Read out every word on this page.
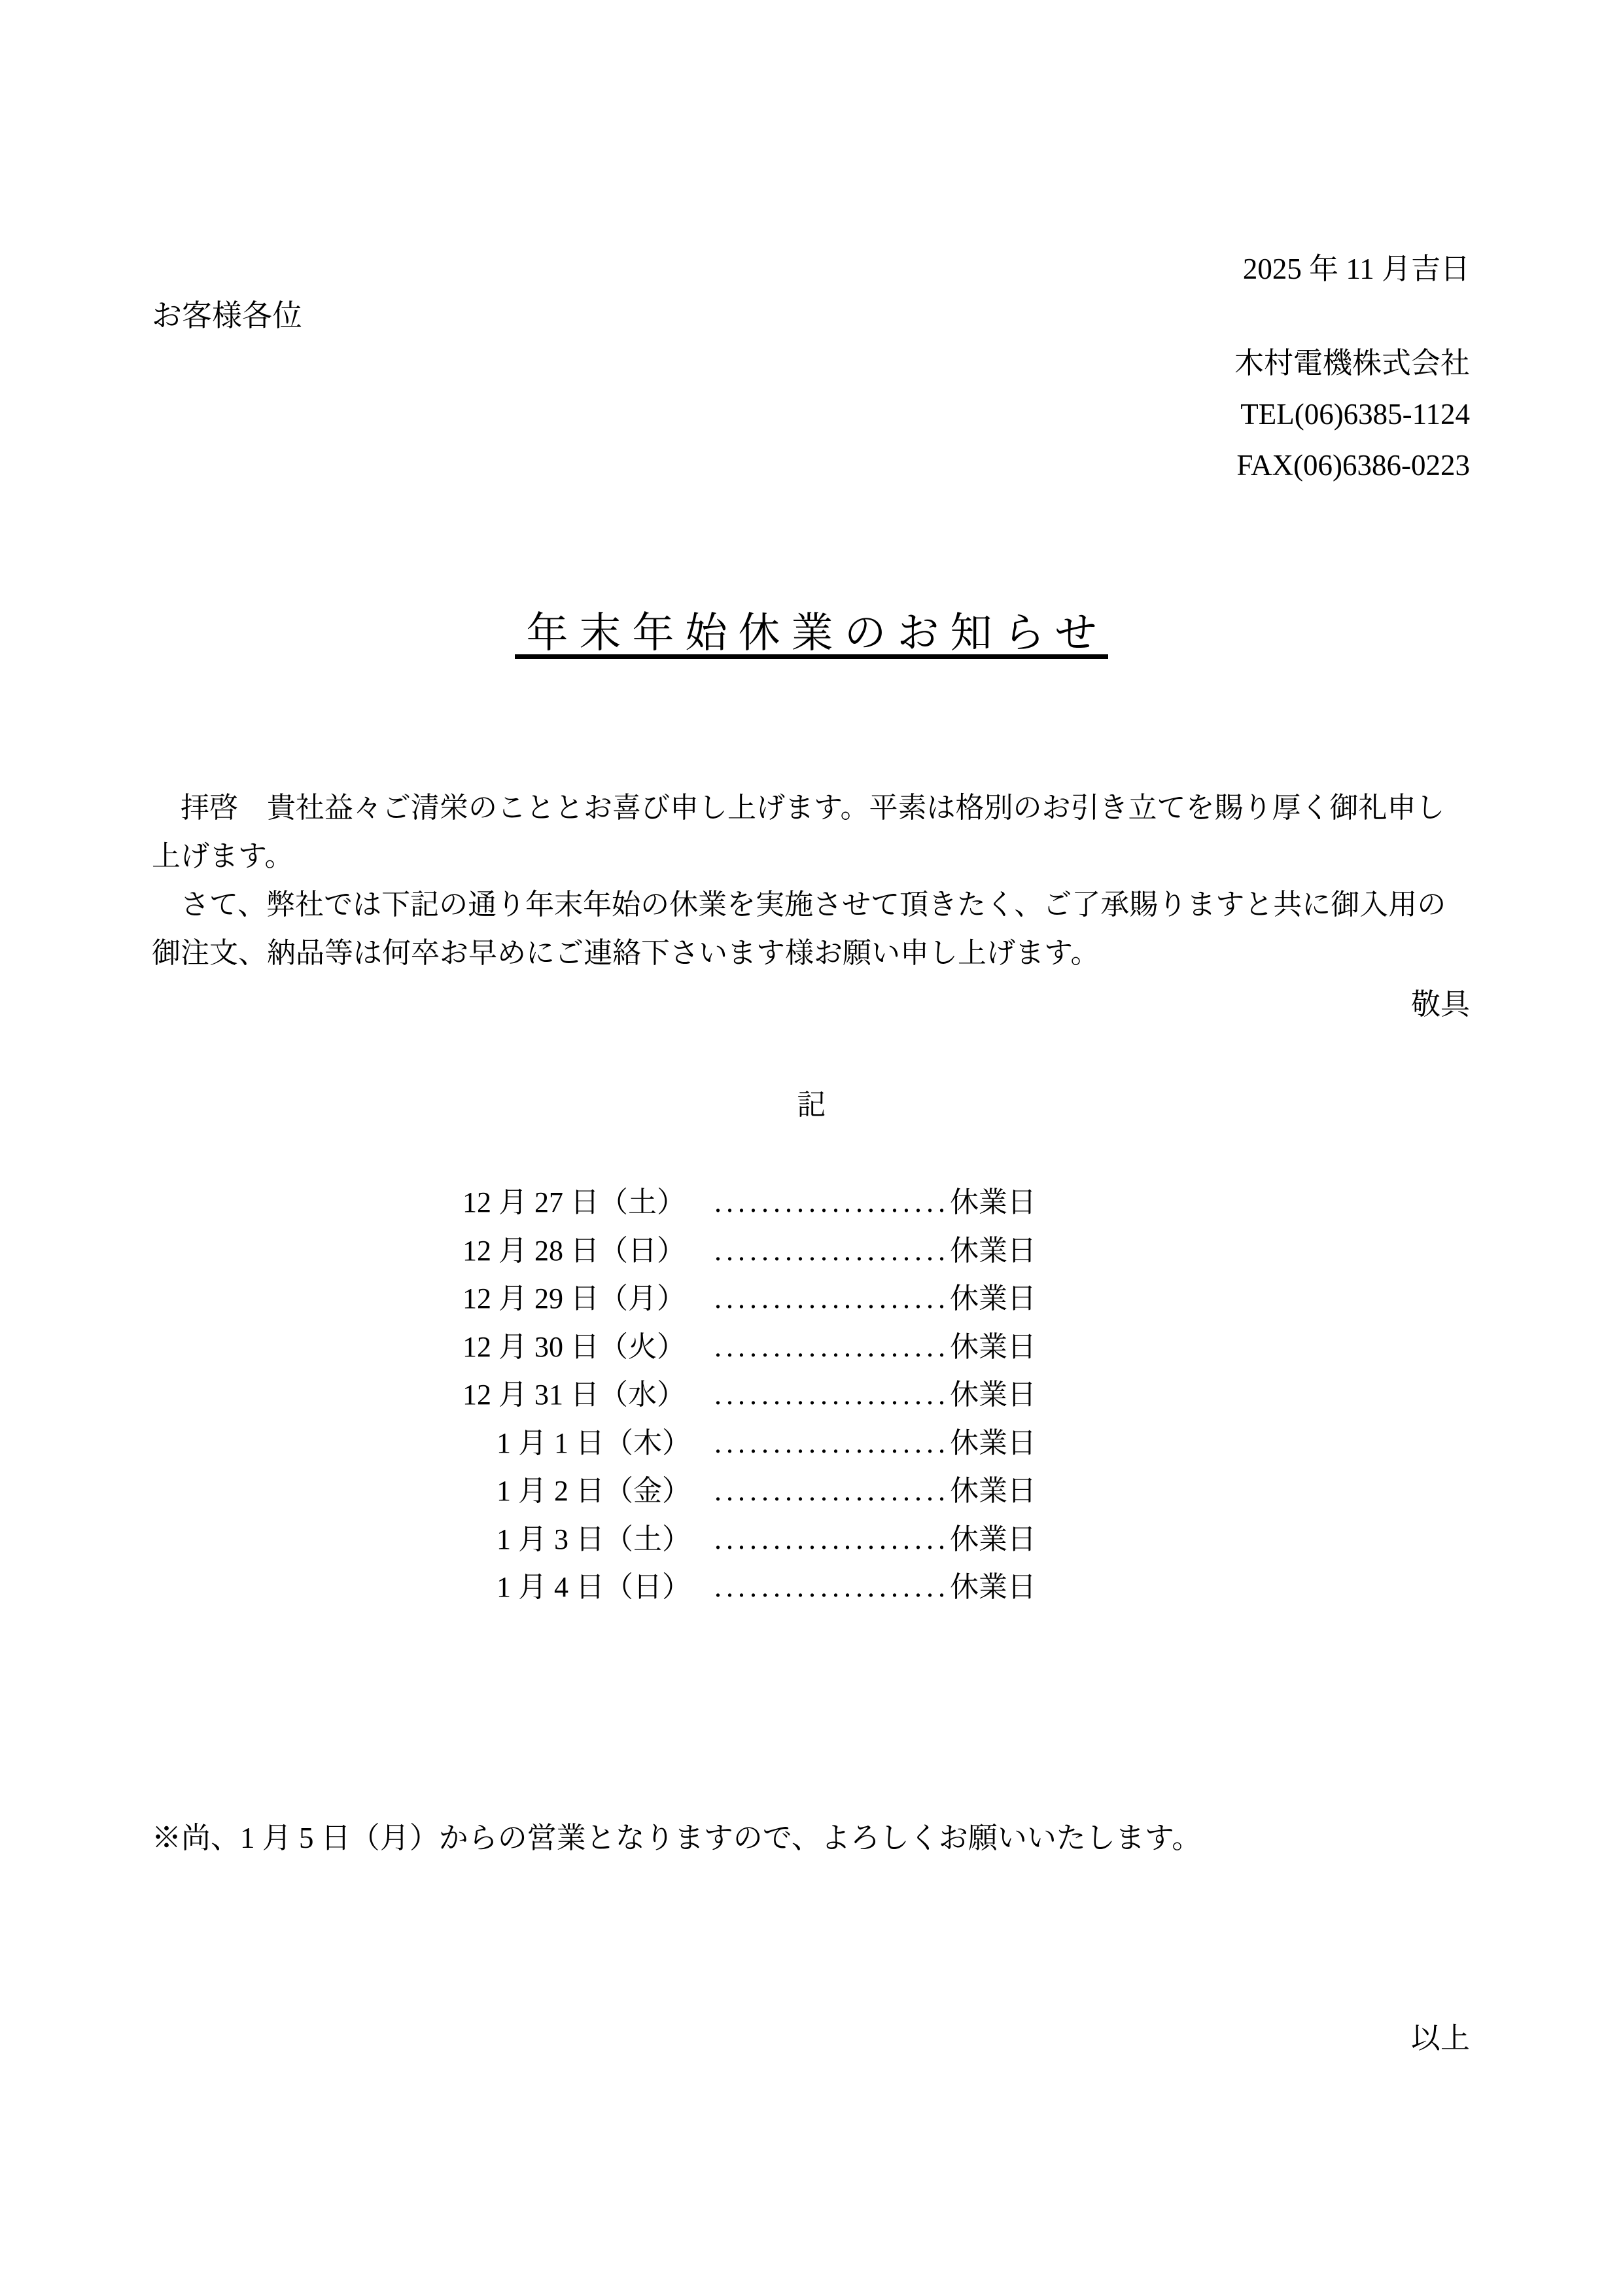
2025 年 11 月吉日
お客様各位
木村電機株式会社
TEL(06)6385-1124
FAX(06)6386-0223
年末年始休業のお知らせ
　拝啓　貴社益々ご清栄のこととお喜び申し上げます。平素は格別のお引き立てを賜り厚く御礼申し
上げます。
　さて、弊社では下記の通り年末年始の休業を実施させて頂きたく、ご了承賜りますと共に御入用の
御注文、納品等は何卒お早めにご連絡下さいます様お願い申し上げます。
敬具
記
12 月 27 日（土） ....................休業日
12 月 28 日（日） ....................休業日
12 月 29 日（月） ....................休業日
12 月 30 日（火） ....................休業日
12 月 31 日（水） ....................休業日
1 月 1 日（木） ....................休業日
1 月 2 日（金） ....................休業日
1 月 3 日（土） ....................休業日
1 月 4 日（日） ....................休業日
※尚、1 月 5 日（月）からの営業となりますので、よろしくお願いいたします。
以上
